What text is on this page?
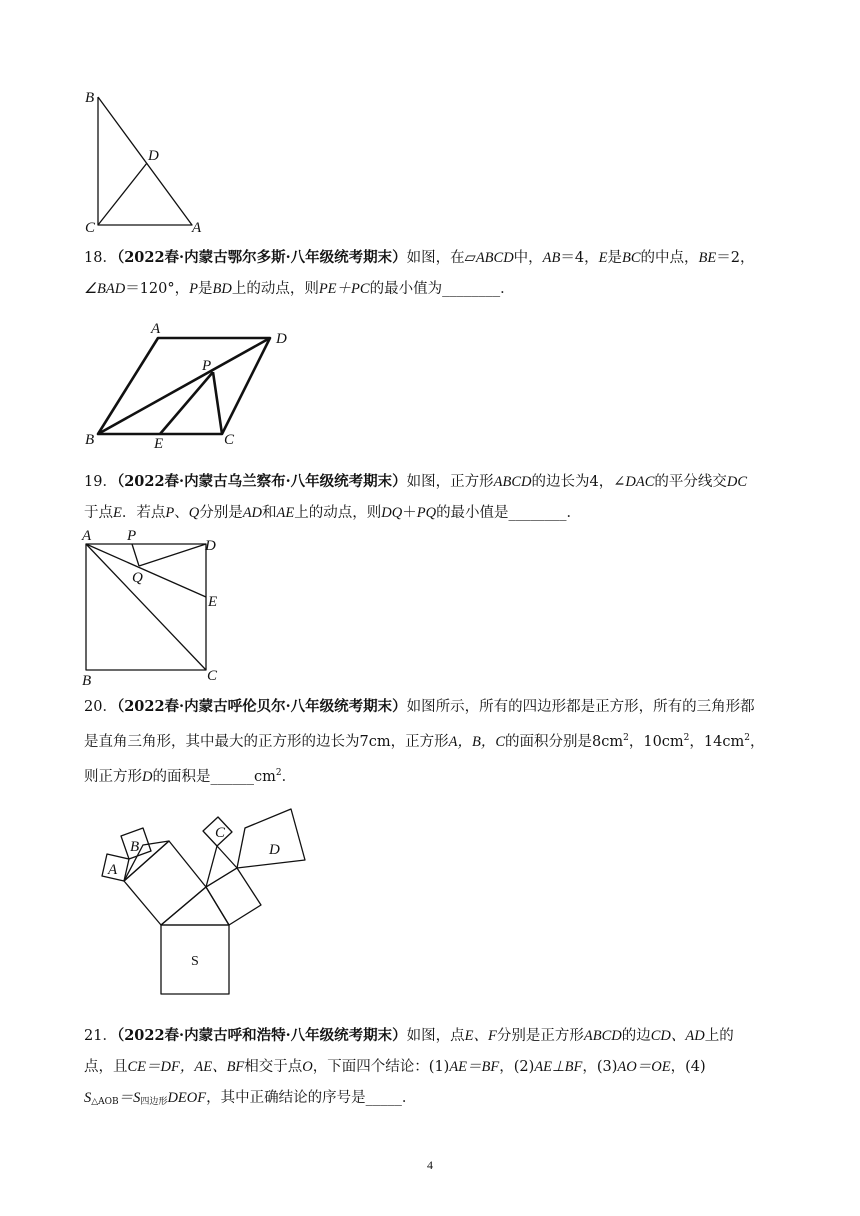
B
D
C	A
18．（2022春·内蒙古鄂尔多斯·八年级统考期末）如图，在▱ABCD中，AB＝4，E是BC的中点，BE＝2，
∠BAD＝120°，P是BD上的动点，则PE＋PC的最小值为________．
A
D
P
B	E	C
19．（2022春·内蒙古乌兰察布·八年级统考期末）如图，正方形ABCD的边长为4，∠DAC的平分线交DC
于点E．若点P、Q分别是AD和AE上的动点，则DQ＋PQ的最小值是________．
A P
D
Q
E
B	C
20．（2022春·内蒙古呼伦贝尔·八年级统考期末）如图所示，所有的四边形都是正方形，所有的三角形都
是直角三角形，其中最大的正方形的边长为7cm，正方形A，B，C的面积分别是$8cm^2$，$10cm^2$，$14cm^2$，
则正方形D的面积是$\_\_\_\_\_\_cm^2$．
A
B
C
D
S
21．（2022春·内蒙古呼和浩特·八年级统考期末）如图，点E、F分别是正方形ABCD的边CD、AD上的
点，且CE＝DF，AE、BF相交于点O，下面四个结论：(1)AE＝BF，(2)AE⊥BF，(3)AO＝OE，(4)
$S_{\triangle AOB}=S_{四边形}DEOF$，其中正确结论的序号是_____．
4
